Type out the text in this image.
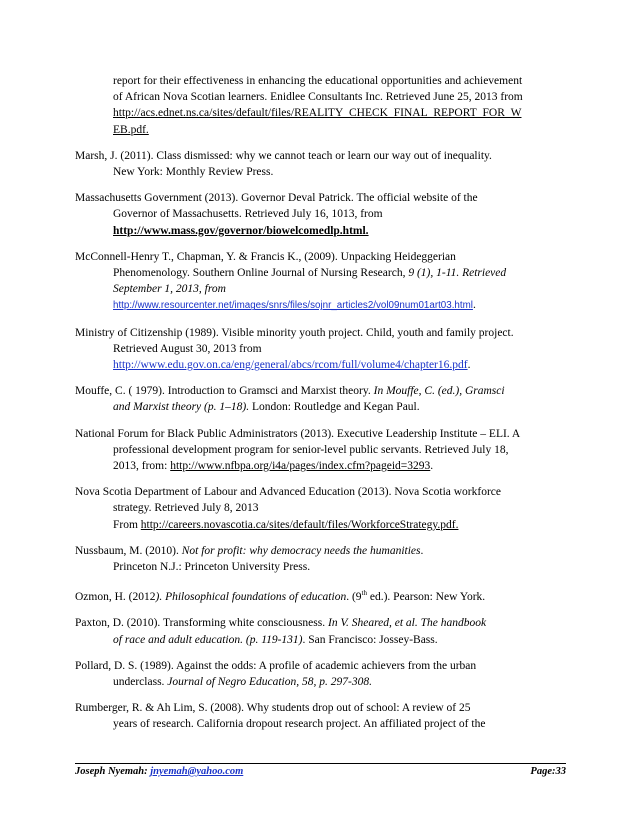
report for their effectiveness in enhancing the educational opportunities and achievement
of African Nova Scotian learners. Enidlee Consultants Inc. Retrieved June 25, 2013 from
http://acs.ednet.ns.ca/sites/default/files/REALITY_CHECK_FINAL_REPORT_FOR_W
EB.pdf.
Marsh, J. (2011). Class dismissed: why we cannot teach or learn our way out of inequality.
New York: Monthly Review Press.
Massachusetts Government (2013). Governor Deval Patrick. The official website of the
Governor of Massachusetts. Retrieved July 16, 1013, from
http://www.mass.gov/governor/biowelcomedlp.html.
McConnell-Henry T., Chapman, Y. & Francis K., (2009). Unpacking Heideggerian
Phenomenology. Southern Online Journal of Nursing Research, 9 (1), 1-11. Retrieved
September 1, 2013, from
http://www.resourcenter.net/images/snrs/files/sojnr_articles2/vol09num01art03.html.
Ministry of Citizenship (1989). Visible minority youth project. Child, youth and family project.
Retrieved August 30, 2013 from
http://www.edu.gov.on.ca/eng/general/abcs/rcom/full/volume4/chapter16.pdf.
Mouffe, C. ( 1979). Introduction to Gramsci and Marxist theory. In Mouffe, C. (ed.), Gramsci
and Marxist theory (p. 1–18). London: Routledge and Kegan Paul.
National Forum for Black Public Administrators (2013). Executive Leadership Institute – ELI. A
professional development program for senior-level public servants. Retrieved July 18,
2013, from: http://www.nfbpa.org/i4a/pages/index.cfm?pageid=3293.
Nova Scotia Department of Labour and Advanced Education (2013). Nova Scotia workforce
strategy. Retrieved July 8, 2013
From http://careers.novascotia.ca/sites/default/files/WorkforceStrategy.pdf.
Nussbaum, M. (2010). Not for profit: why democracy needs the humanities.
Princeton N.J.: Princeton University Press.
Ozmon, H. (2012). Philosophical foundations of education. (9th ed.). Pearson: New York.
Paxton, D. (2010). Transforming white consciousness. In V. Sheared, et al. The handbook
of race and adult education. (p. 119-131). San Francisco: Jossey-Bass.
Pollard, D. S. (1989). Against the odds: A profile of academic achievers from the urban
underclass. Journal of Negro Education, 58, p. 297-308.
Rumberger, R. & Ah Lim, S. (2008). Why students drop out of school: A review of 25
years of research. California dropout research project. An affiliated project of the
Joseph Nyemah: jnyemah@yahoo.com	Page:33
